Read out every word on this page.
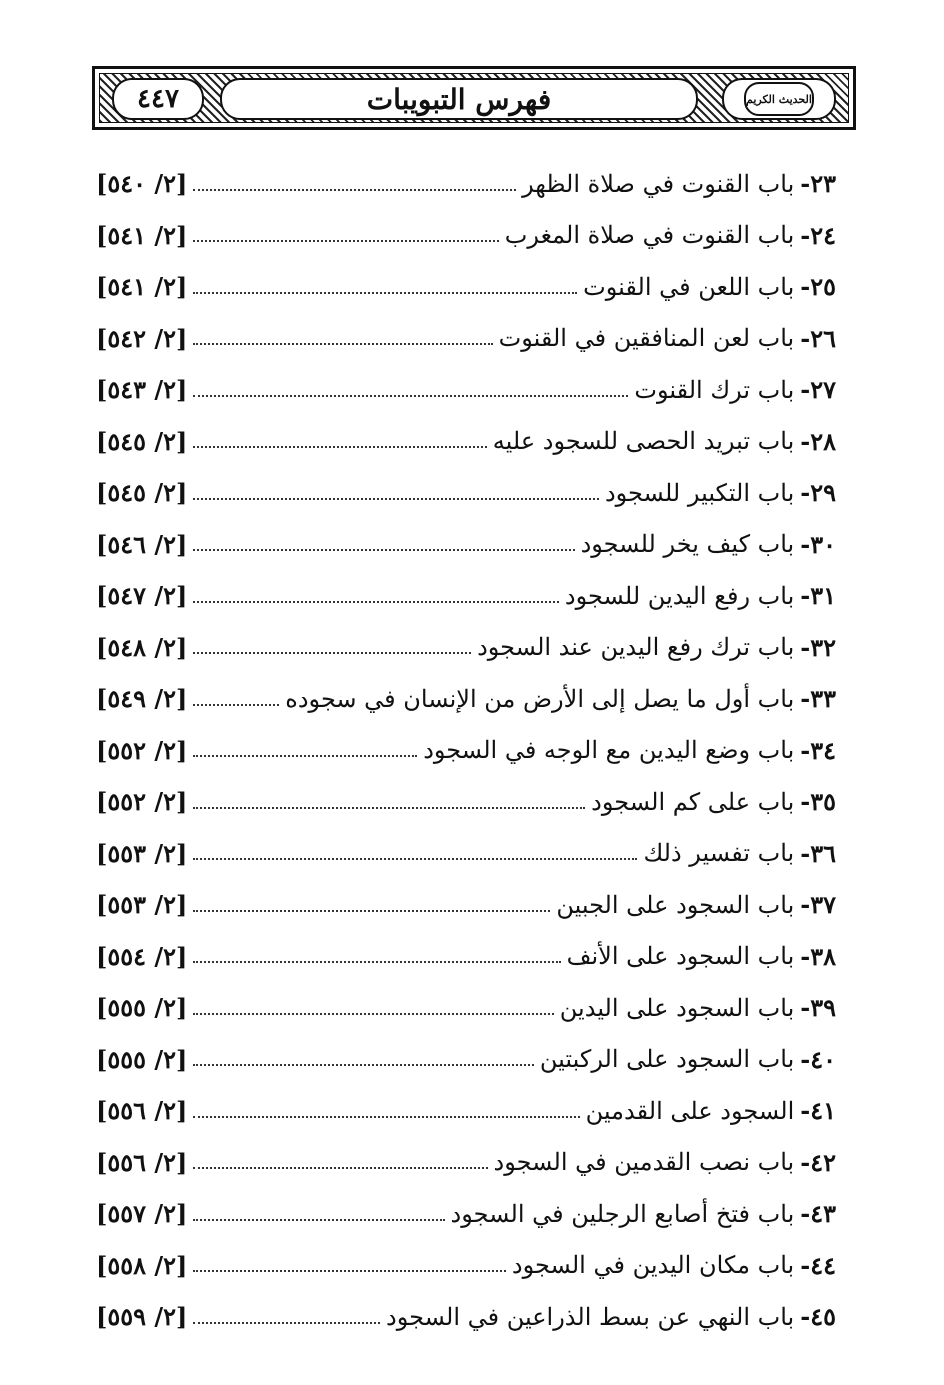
٤٤٧	فهرس التبويبات	الحديث الكريم
٢٣-
باب القنوت في صلاة الظهر
[٢/ ٥٤٠]
٢٤-
باب القنوت في صلاة المغرب
[٢/ ٥٤١]
٢٥-
باب اللعن في القنوت
[٢/ ٥٤١]
٢٦-
باب لعن المنافقين في القنوت
[٢/ ٥٤٢]
٢٧-
باب ترك القنوت
[٢/ ٥٤٣]
٢٨-
باب تبريد الحصى للسجود عليه
[٢/ ٥٤٥]
٢٩-
باب التكبير للسجود
[٢/ ٥٤٥]
٣٠-
باب كيف يخر للسجود
[٢/ ٥٤٦]
٣١-
باب رفع اليدين للسجود
[٢/ ٥٤٧]
٣٢-
باب ترك رفع اليدين عند السجود
[٢/ ٥٤٨]
٣٣-
باب أول ما يصل إلى الأرض من الإنسان في سجوده
[٢/ ٥٤٩]
٣٤-
باب وضع اليدين مع الوجه في السجود
[٢/ ٥٥٢]
٣٥-
باب على كم السجود
[٢/ ٥٥٢]
٣٦-
باب تفسير ذلك
[٢/ ٥٥٣]
٣٧-
باب السجود على الجبين
[٢/ ٥٥٣]
٣٨-
باب السجود على الأنف
[٢/ ٥٥٤]
٣٩-
باب السجود على اليدين
[٢/ ٥٥٥]
٤٠-
باب السجود على الركبتين
[٢/ ٥٥٥]
٤١-
السجود على القدمين
[٢/ ٥٥٦]
٤٢-
باب نصب القدمين في السجود
[٢/ ٥٥٦]
٤٣-
باب فتخ أصابع الرجلين في السجود
[٢/ ٥٥٧]
٤٤-
باب مكان اليدين في السجود
[٢/ ٥٥٨]
٤٥-
باب النهي عن بسط الذراعين في السجود
[٢/ ٥٥٩]
